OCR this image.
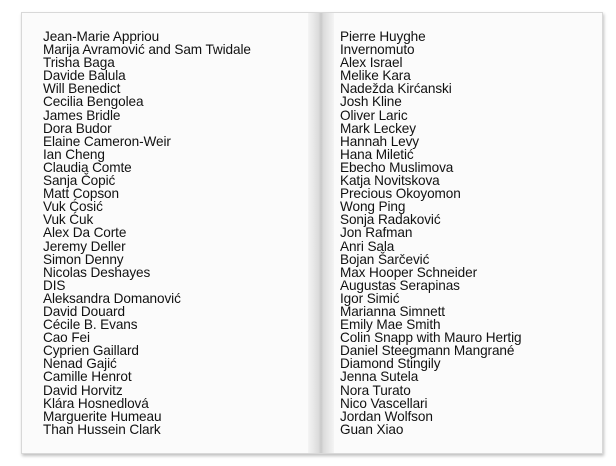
Jean-Marie Appriou
Marija Avramović and Sam Twidale
Trisha Baga
Davide Balula
Will Benedict
Cecilia Bengolea
James Bridle
Dora Budor
Elaine Cameron-Weir
Ian Cheng
Claudia Comte
Sanja Čopić
Matt Copson
Vuk Ćosić
Vuk Ćuk
Alex Da Corte
Jeremy Deller
Simon Denny
Nicolas Deshayes
DIS
Aleksandra Domanović
David Douard
Cécile B. Evans
Cao Fei
Cyprien Gaillard
Nenad Gajić
Camille Henrot
David Horvitz
Klára Hosnedlová
Marguerite Humeau
Than Hussein Clark
Pierre Huyghe
Invernomuto
Alex Israel
Melike Kara
Nadežda Kirćanski
Josh Kline
Oliver Laric
Mark Leckey
Hannah Levy
Hana Miletić
Ebecho Muslimova
Katja Novitskova
Precious Okoyomon
Wong Ping
Sonja Radaković
Jon Rafman
Anri Sala
Bojan Šarčević
Max Hooper Schneider
Augustas Serapinas
Igor Simić
Marianna Simnett
Emily Mae Smith
Colin Snapp with Mauro Hertig
Daniel Steegmann Mangrané
Diamond Stingily
Jenna Sutela
Nora Turato
Nico Vascellari
Jordan Wolfson
Guan Xiao
